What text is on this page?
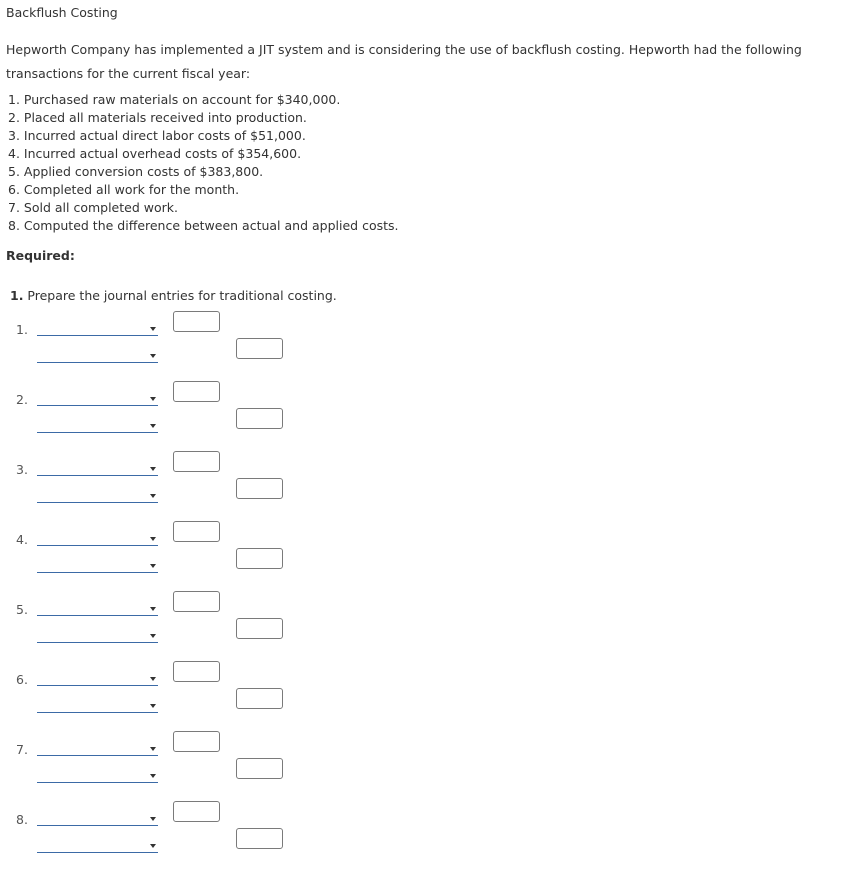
Backflush Costing

Hepworth Company has implemented a JIT system and is considering the use of backflush costing. Hepworth had the following transactions for the current fiscal year:

1. Purchased raw materials on account for $340,000.
2. Placed all materials received into production.
3. Incurred actual direct labor costs of $51,000.
4. Incurred actual overhead costs of $354,600.
5. Applied conversion costs of $383,800.
6. Completed all work for the month.
7. Sold all completed work.
8. Computed the difference between actual and applied costs.
Required:
1. Prepare the journal entries for traditional costing.
1.
2.
3.
4.
5.
6.
7.
8.
